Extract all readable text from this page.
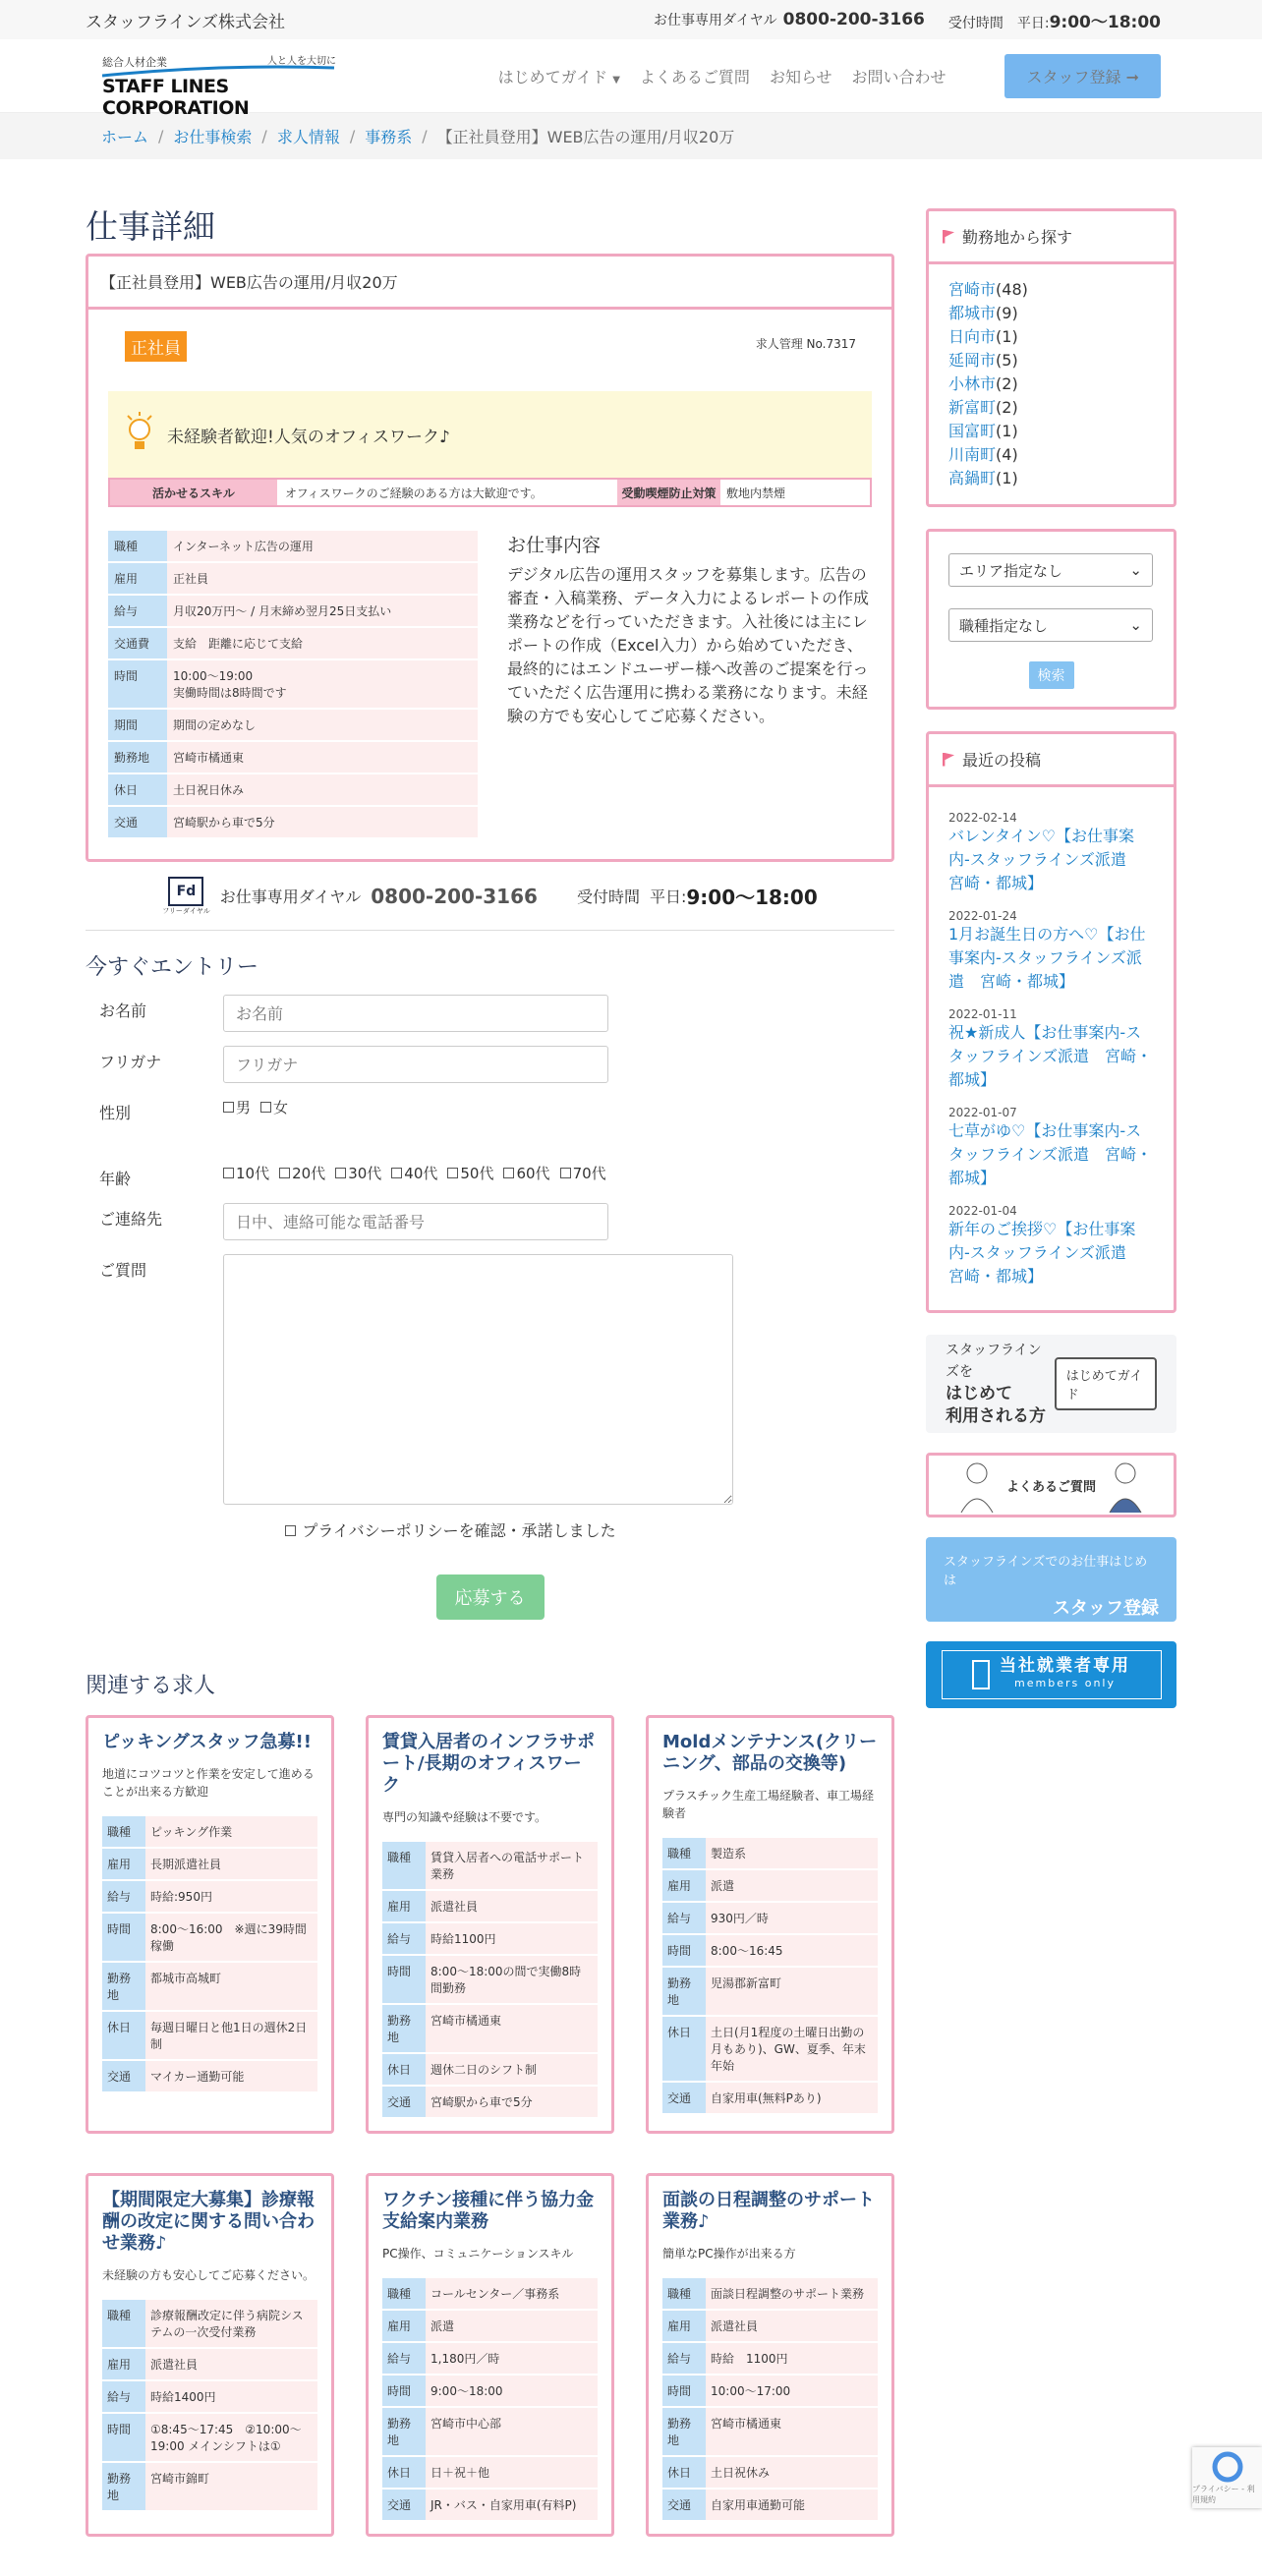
スタッフラインズ株式会社	お仕事専用ダイヤル 0800-200-3166 受付時間　 平日:9:00〜18:00
総合人材企業	人と人を大切に
STAFF LINES CORPORATION
はじめてガイド ▼ よくあるご質問 お知らせ お問い合わせ	スタッフ登録 ➞
ホーム / お仕事検索 / 求人情報 / 事務系 / 【正社員登用】WEB広告の運用/月収20万
仕事詳細
【正社員登用】WEB広告の運用/月収20万
正社員	求人管理 No.7317
未経験者歓迎!人気のオフィスワーク♪
活かせるスキル	オフィスワークのご経験のある方は大歓迎です。	受動喫煙防止対策 敷地内禁煙
職種	インターネット広告の運用
雇用	正社員
給与	月収20万円〜 / 月末締め翌月25日支払い
交通費	支給　距離に応じて支給
時間	10:00〜19:00
実働時間は8時間です
期間	期間の定めなし
勤務地	宮崎市橘通東
休日	土日祝日休み
交通	宮崎駅から車で5分
お仕事内容

デジタル広告の運用スタッフを募集します。広告の審査・入稿業務、データ入力によるレポートの作成業務などを行っていただきます。入社後には主にレポートの作成（Excel入力）から始めていただき、最終的にはエンドユーザー様へ改善のご提案を行っていただく広告運用に携わる業務になります。未経験の方でも安心してご応募ください。

Fd
フリーダイヤル
お仕事専用ダイヤル 0800-200-3166	受付時間 平日: 9:00〜18:00
今すぐエントリー
お名前
お名前
フリガナ
フリガナ
性別	男	女
年齢	10代	20代	30代	40代	50代	60代	70代
ご連絡先
日中、連絡可能な電話番号
ご質問
プライバシーポリシーを確認・承諾しました
応募する
関連する求人
ピッキングスタッフ急募!!
地道にコツコツと作業を安定して進めることが出来る方歓迎
職種	ピッキング作業
雇用	長期派遣社員
給与	時給:950円
時間	8:00〜16:00　※週に39時間稼働
勤務地	都城市高城町
休日	毎週日曜日と他1日の週休2日制
交通	マイカー通勤可能
賃貸入居者のインフラサポート/長期のオフィスワーク
専門の知識や経験は不要です。
職種	賃貸入居者への電話サポート業務
雇用	派遣社員
給与	時給1100円
時間	8:00〜18:00の間で実働8時間勤務
勤務地	宮崎市橘通東
休日	週休二日のシフト制
交通	宮崎駅から車で5分
Moldメンテナンス(クリーニング、部品の交換等)
プラスチック生産工場経験者、車工場経験者
職種	製造系
雇用	派遣
給与	930円／時
時間	8:00〜16:45
勤務地	児湯郡新富町
休日	土日(月1程度の土曜日出勤の月もあり)、GW、夏季、年末年始
交通	自家用車(無料Pあり)
【期間限定大募集】診療報酬の改定に関する問い合わせ業務♪
未経験の方も安心してご応募ください。
職種	診療報酬改定に伴う病院システムの一次受付業務
雇用	派遣社員
給与	時給1400円
時間	①8:45〜17:45　②10:00〜19:00 メインシフトは①
勤務地	宮崎市錦町
ワクチン接種に伴う協力金支給案内業務
PC操作、コミュニケーションスキル
職種	コールセンター／事務系
雇用	派遣
給与	1,180円／時
時間	9:00〜18:00
勤務地	宮崎市中心部
休日	日＋祝＋他
交通	JR・バス・自家用車(有料P)
面談の日程調整のサポート業務♪
簡単なPC操作が出来る方
職種	面談日程調整のサポート業務
雇用	派遣社員
給与	時給　1100円
時間	10:00〜17:00
勤務地	宮崎市橘通東
休日	土日祝休み
交通	自家用車通勤可能
勤務地から探す
宮崎市(48)
都城市(9)
日向市(1)
延岡市(5)
小林市(2)
新富町(2)
国富町(1)
川南町(4)
高鍋町(1)
エリア指定なし	⌄
職種指定なし	⌄
検索
最近の投稿
2022-02-14
バレンタイン♡【お仕事案内-スタッフラインズ派遣　宮崎・都城】
2022-01-24
1月お誕生日の方へ♡【お仕事案内-スタッフラインズ派遣　宮崎・都城】
2022-01-11
祝★新成人【お仕事案内-スタッフラインズ派遣　宮崎・都城】
2022-01-07
七草がゆ♡【お仕事案内-スタッフラインズ派遣　宮崎・都城】
2022-01-04
新年のご挨拶♡【お仕事案内-スタッフラインズ派遣　宮崎・都城】
スタッフラインズを
はじめて
利用される方
はじめてガイド
よくあるご質問
スタッフラインズでのお仕事はじめは
スタッフ登録
当社就業者専用
members only
プライバシー - 利用規約
